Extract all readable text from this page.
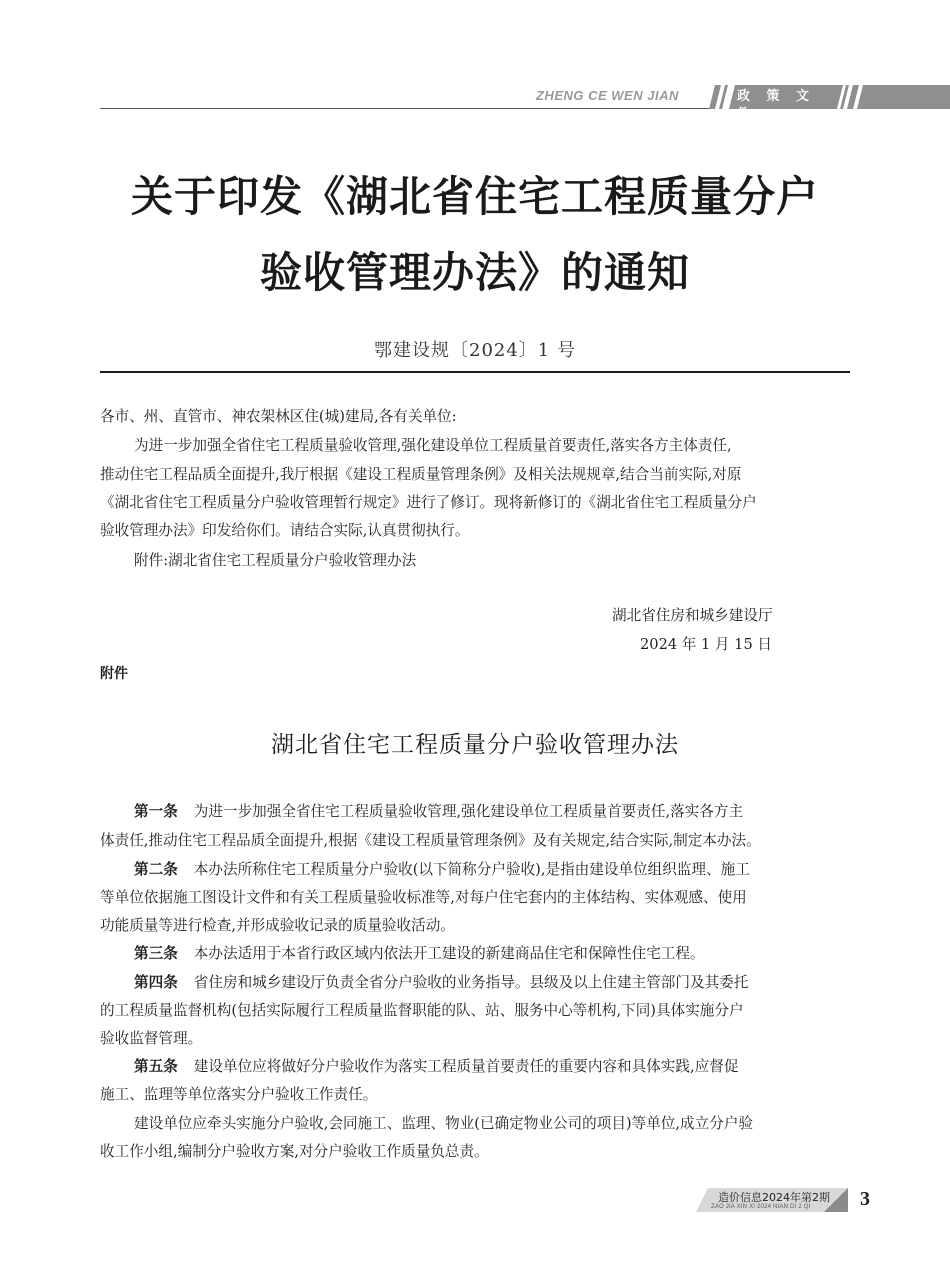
ZHENG CE WEN JIAN	政 策 文 件
关于印发《湖北省住宅工程质量分户
验收管理办法》的通知
鄂建设规〔2024〕1 号
各市、州、直管市、神农架林区住(城)建局,各有关单位:
为进一步加强全省住宅工程质量验收管理,强化建设单位工程质量首要责任,落实各方主体责任,
推动住宅工程品质全面提升,我厅根据《建设工程质量管理条例》及相关法规规章,结合当前实际,对原
《湖北省住宅工程质量分户验收管理暂行规定》进行了修订。现将新修订的《湖北省住宅工程质量分户
验收管理办法》印发给你们。请结合实际,认真贯彻执行。
附件:湖北省住宅工程质量分户验收管理办法
湖北省住房和城乡建设厅
2024 年 1 月 15 日
附件
湖北省住宅工程质量分户验收管理办法
第一条 为进一步加强全省住宅工程质量验收管理,强化建设单位工程质量首要责任,落实各方主
体责任,推动住宅工程品质全面提升,根据《建设工程质量管理条例》及有关规定,结合实际,制定本办法。
第二条 本办法所称住宅工程质量分户验收(以下简称分户验收),是指由建设单位组织监理、施工
等单位依据施工图设计文件和有关工程质量验收标准等,对每户住宅套内的主体结构、实体观感、使用
功能质量等进行检查,并形成验收记录的质量验收活动。
第三条 本办法适用于本省行政区域内依法开工建设的新建商品住宅和保障性住宅工程。
第四条 省住房和城乡建设厅负责全省分户验收的业务指导。县级及以上住建主管部门及其委托
的工程质量监督机构(包括实际履行工程质量监督职能的队、站、服务中心等机构,下同)具体实施分户
验收监督管理。
第五条 建设单位应将做好分户验收作为落实工程质量首要责任的重要内容和具体实践,应督促
施工、监理等单位落实分户验收工作责任。
建设单位应牵头实施分户验收,会同施工、监理、物业(已确定物业公司的项目)等单位,成立分户验
收工作小组,编制分户验收方案,对分户验收工作质量负总责。
造价信息2024年第2期
ZAO JIA XIN XI 2024 NIAN DI 2 QI 3
